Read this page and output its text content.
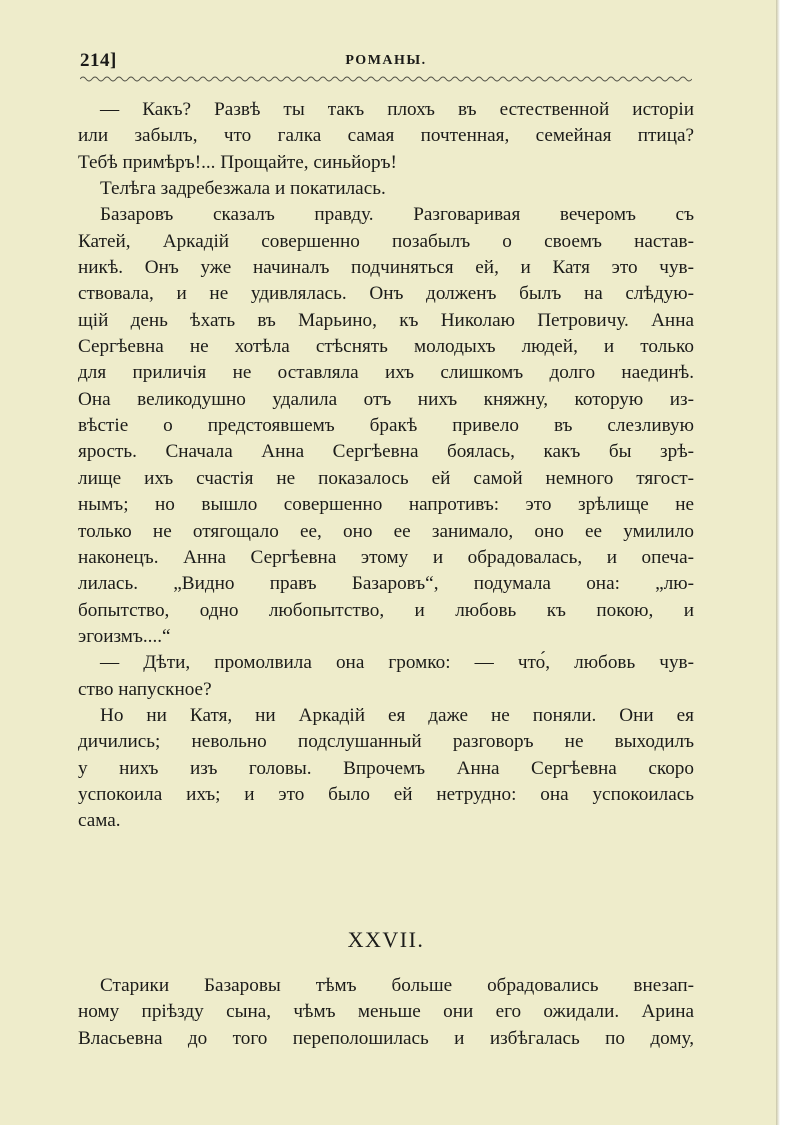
214]	РОМАНЫ.
— Какъ? Развѣ ты такъ плохъ въ естественной исторіи
или забылъ, что галка самая почтенная, семейная птица?
Тебѣ примѣръ!... Прощайте, синьйоръ!
Телѣга задребезжала и покатилась.
Базаровъ сказалъ правду. Разговаривая вечеромъ съ
Катей, Аркадій совершенно позабылъ о своемъ настав-
никѣ. Онъ уже начиналъ подчиняться ей, и Катя это чув-
ствовала, и не удивлялась. Онъ долженъ былъ на слѣдую-
щій день ѣхать въ Марьино, къ Николаю Петровичу. Анна
Сергѣевна не хотѣла стѣснять молодыхъ людей, и только
для приличія не оставляла ихъ слишкомъ долго наединѣ.
Она великодушно удалила отъ нихъ княжну, которую из-
вѣстіе о предстоявшемъ бракѣ привело въ слезливую
ярость. Сначала Анна Сергѣевна боялась, какъ бы зрѣ-
лище ихъ счастія не показалось ей самой немного тягост-
нымъ; но вышло совершенно напротивъ: это зрѣлище не
только не отягощало ее, оно ее занимало, оно ее умилило
наконецъ. Анна Сергѣевна этому и обрадовалась, и опеча-
лилась. „Видно правъ Базаровъ“, подумала она: „лю-
бопытство, одно любопытство, и любовь къ покою, и
эгоизмъ....“
— Дѣти, промолвила она громко: — что́, любовь чув-
ство напускное?
Но ни Катя, ни Аркадій ея даже не поняли. Они ея
дичились; невольно подслушанный разговоръ не выходилъ
у нихъ изъ головы. Впрочемъ Анна Сергѣевна скоро
успокоила ихъ; и это было ей нетрудно: она успокоилась
сама.
XXVII.
Старики Базаровы тѣмъ больше обрадовались внезап-
ному пріѣзду сына, чѣмъ меньше они его ожидали. Арина
Власьевна до того переполошилась и избѣгалась по дому,
